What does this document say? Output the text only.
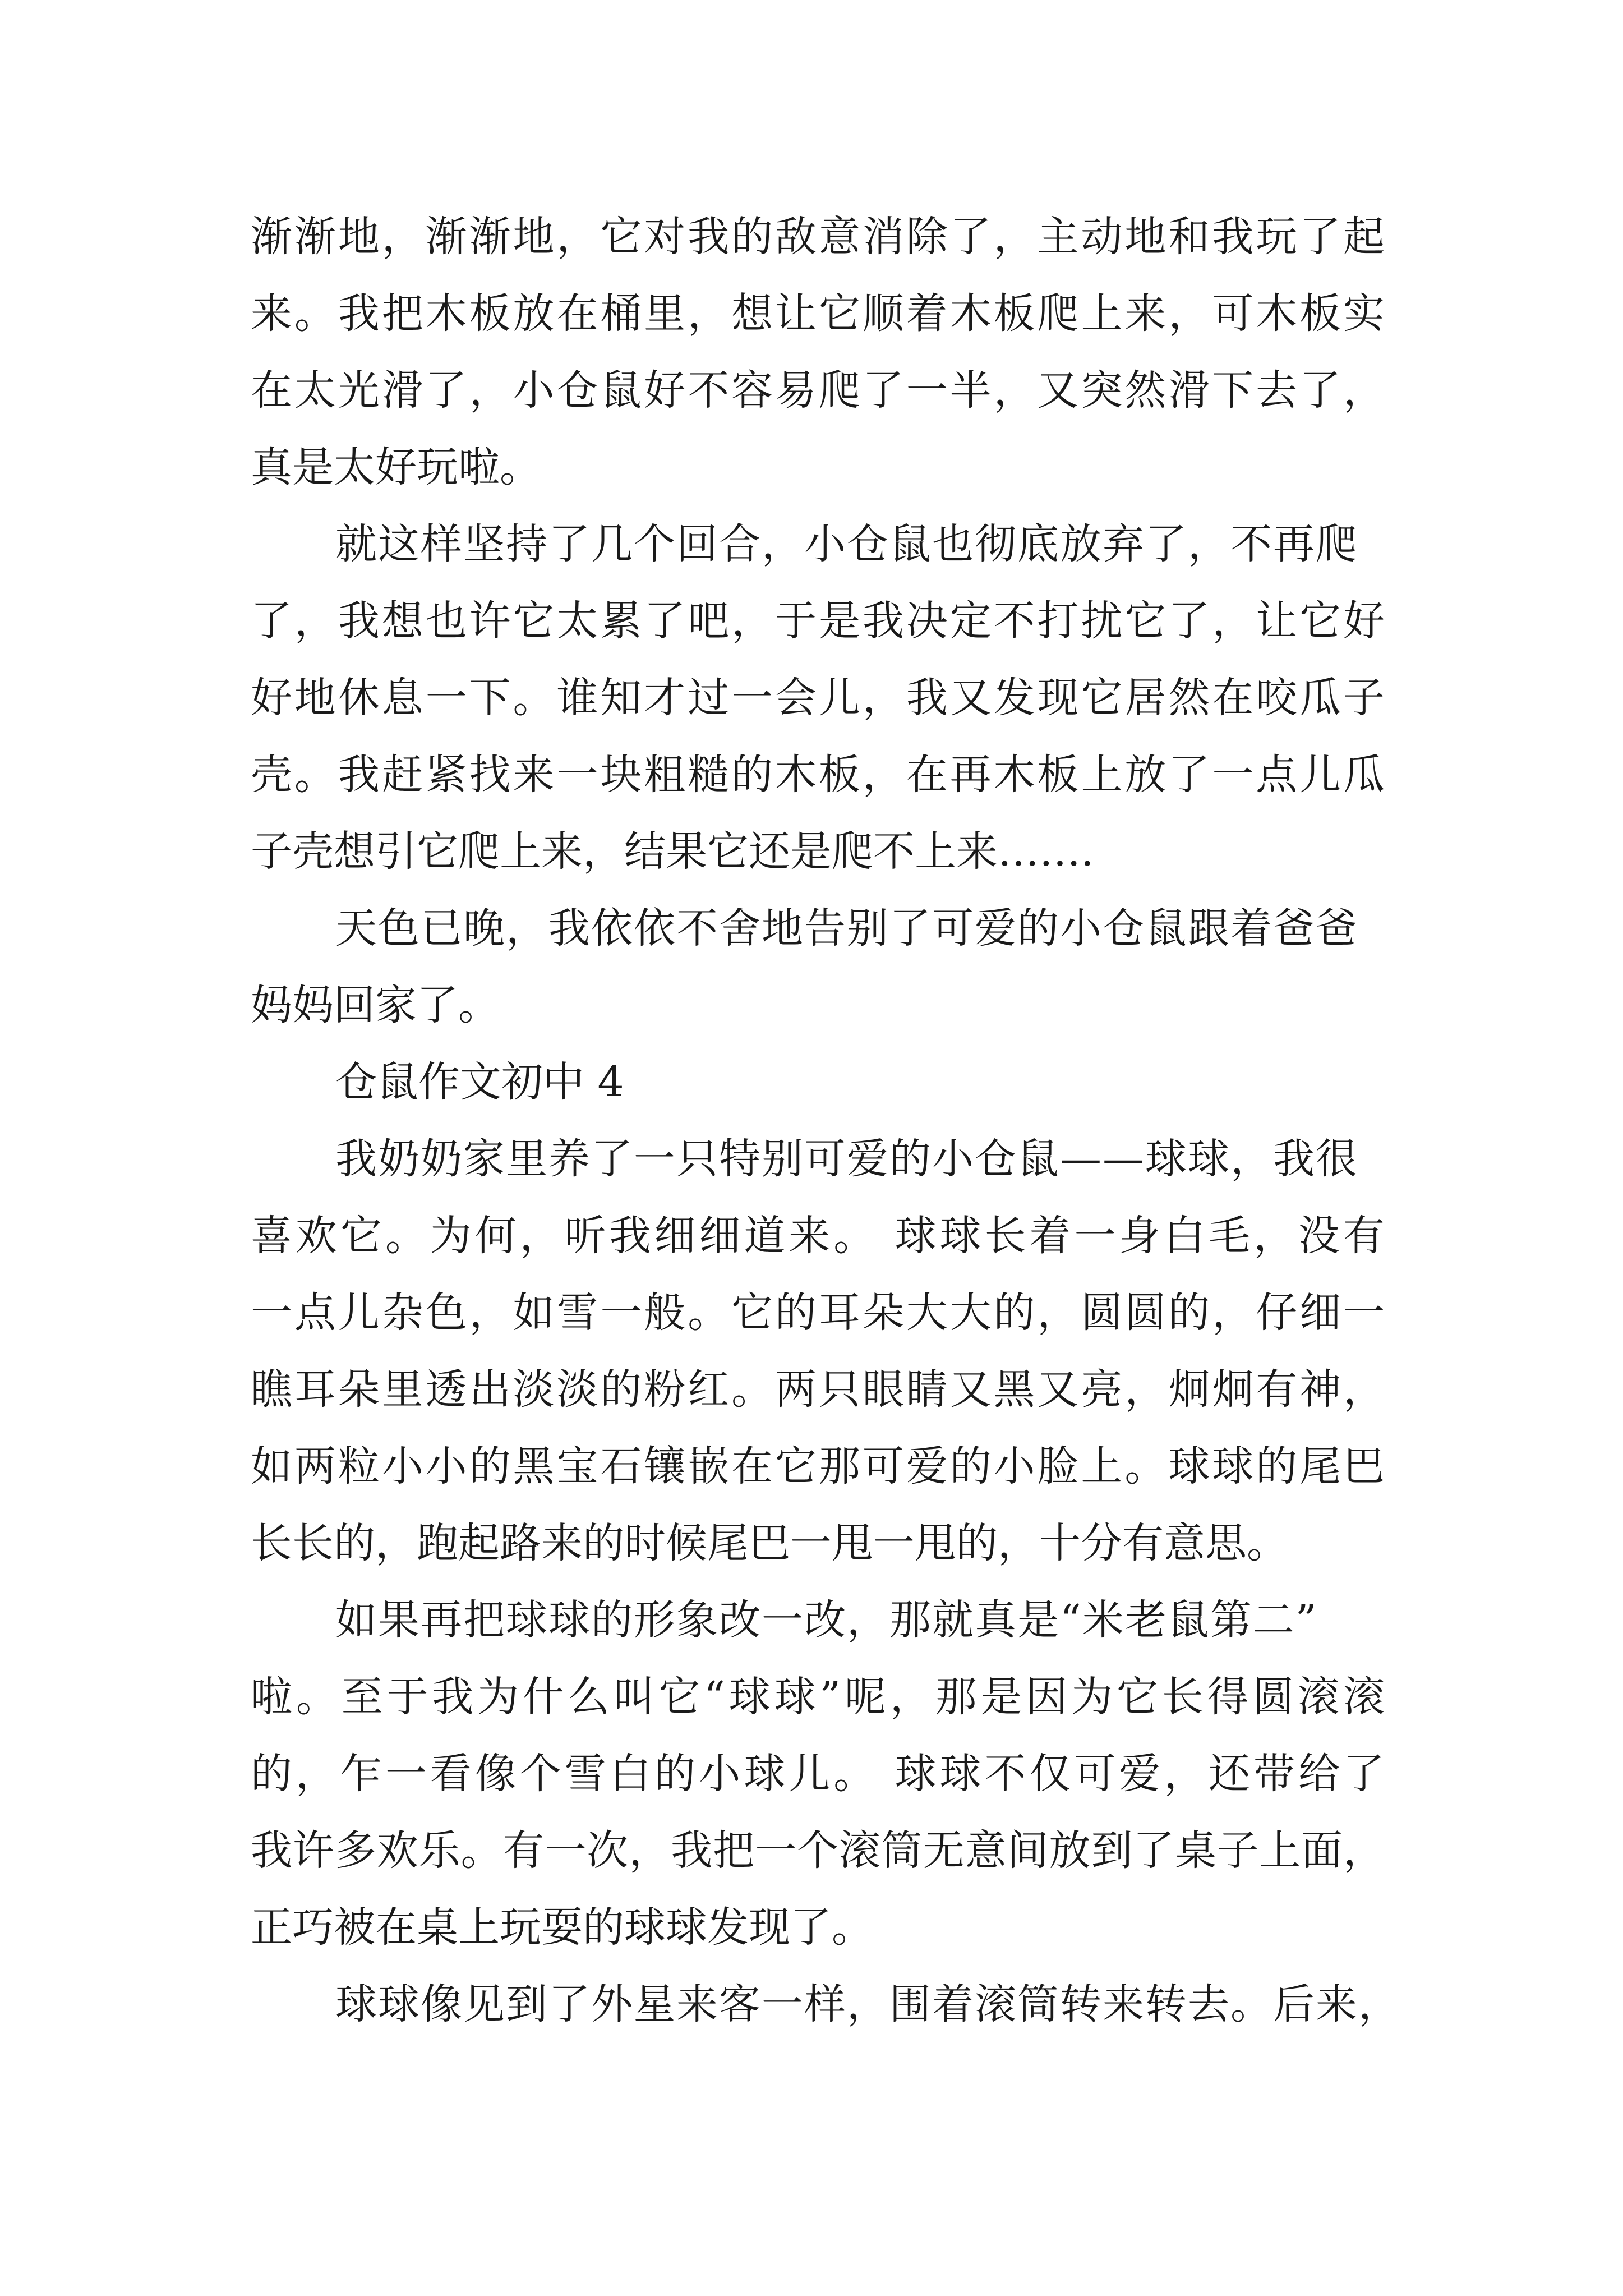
渐渐地，渐渐地，它对我的敌意消除了，主动地和我玩了起

来。我把木板放在桶里，想让它顺着木板爬上来，可木板实

在太光滑了，小仓鼠好不容易爬了一半，又突然滑下去了，

真是太好玩啦。

就这样坚持了几个回合，小仓鼠也彻底放弃了，不再爬

了，我想也许它太累了吧，于是我决定不打扰它了，让它好

好地休息一下。谁知才过一会儿，我又发现它居然在咬瓜子

壳。我赶紧找来一块粗糙的木板，在再木板上放了一点儿瓜

子壳想引它爬上来，结果它还是爬不上来…….

天色已晚，我依依不舍地告别了可爱的小仓鼠跟着爸爸

妈妈回家了。

仓鼠作文初中 4

我奶奶家里养了一只特别可爱的小仓鼠——球球，我很

喜欢它。为何，听我细细道来。 球球长着一身白毛，没有

一点儿杂色，如雪一般。它的耳朵大大的，圆圆的，仔细一

瞧耳朵里透出淡淡的粉红。两只眼睛又黑又亮，炯炯有神，

如两粒小小的黑宝石镶嵌在它那可爱的小脸上。球球的尾巴

长长的，跑起路来的时候尾巴一甩一甩的，十分有意思。

如果再把球球的形象改一改，那就真是“米老鼠第二”

啦。至于我为什么叫它“球球”呢，那是因为它长得圆滚滚

的，乍一看像个雪白的小球儿。 球球不仅可爱，还带给了

我许多欢乐。有一次，我把一个滚筒无意间放到了桌子上面，

正巧被在桌上玩耍的球球发现了。

球球像见到了外星来客一样，围着滚筒转来转去。后来，
